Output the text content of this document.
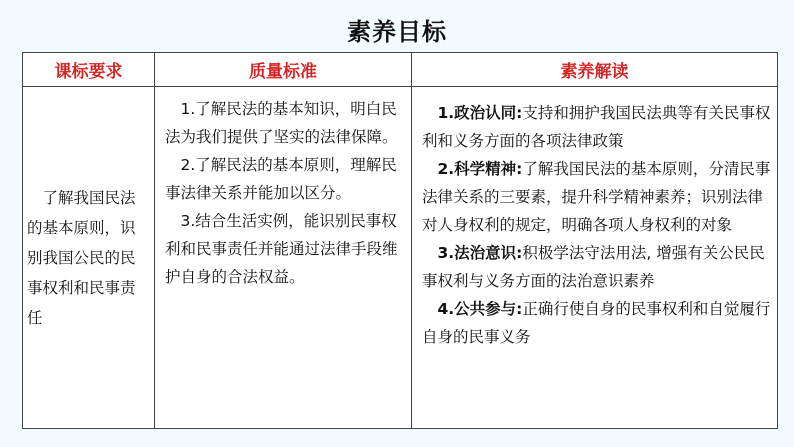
素养目标
课标要求	质量标准	素养解读
了解我国民法的基本原则，识别我国公民的民事权利和民事责任
1.了解民法的基本知识，明白民法为我们提供了坚实的法律保障。
2.了解民法的基本原则，理解民事法律关系并能加以区分。
3.结合生活实例，能识别民事权利和民事责任并能通过法律手段维护自身的合法权益。
1.政治认同:支持和拥护我国民法典等有关民事权利和义务方面的各项法律政策
2.科学精神:了解我国民法的基本原则，分清民事法律关系的三要素，提升科学精神素养；识别法律对人身权利的规定，明确各项人身权利的对象
3.法治意识:积极学法守法用法, 增强有关公民民事权利与义务方面的法治意识素养
4.公共参与:正确行使自身的民事权利和自觉履行自身的民事义务
